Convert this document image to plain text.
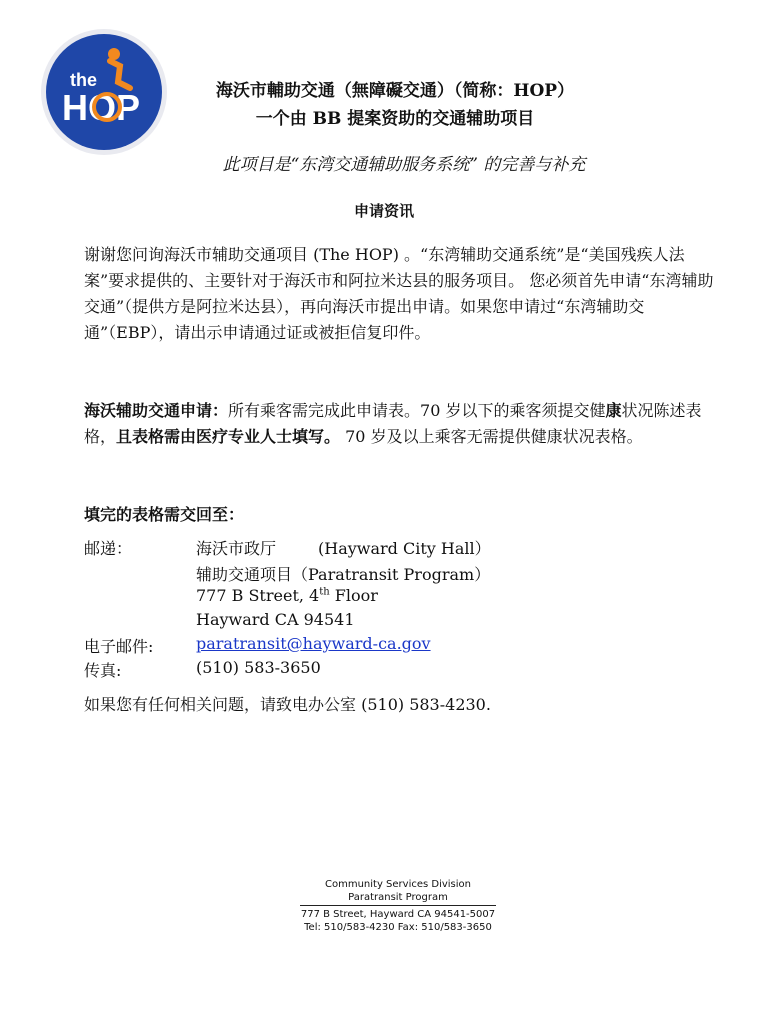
the
HOP	海沃市輔助交通（無障礙交通）（简称：HOP）
一个由 BB 提案资助的交通辅助项目
此项目是“东湾交通辅助服务系统” 的完善与补充
申请资讯
谢谢您问询海沃市辅助交通项目 (The HOP) 。“东湾辅助交通系统”是“美国残疾人法案”要求提供的、主要针对于海沃市和阿拉米达县的服务项目。 您必须首先申请“东湾辅助交通”（提供方是阿拉米达县），再向海沃市提出申请。如果您申请过“东湾辅助交通”（EBP），请出示申请通过证或被拒信复印件。
海沃辅助交通申请：所有乘客需完成此申请表。70 岁以下的乘客须提交健康状况陈述表格，且表格需由医疗专业人士填写。 70 岁及以上乘客无需提供健康状况表格。
填完的表格需交回至：
邮递：	海沃市政厅	(Hayward City Hall）
辅助交通项目（Paratransit Program）
777 B Street, 4th Floor
Hayward CA 94541
电子邮件:	paratransit@hayward-ca.gov
传真:	(510) 583-3650
如果您有任何相关问题，请致电办公室 (510) 583-4230.
Community Services Division
Paratransit Program
777 B Street, Hayward CA 94541-5007
Tel: 510/583-4230 Fax: 510/583-3650
